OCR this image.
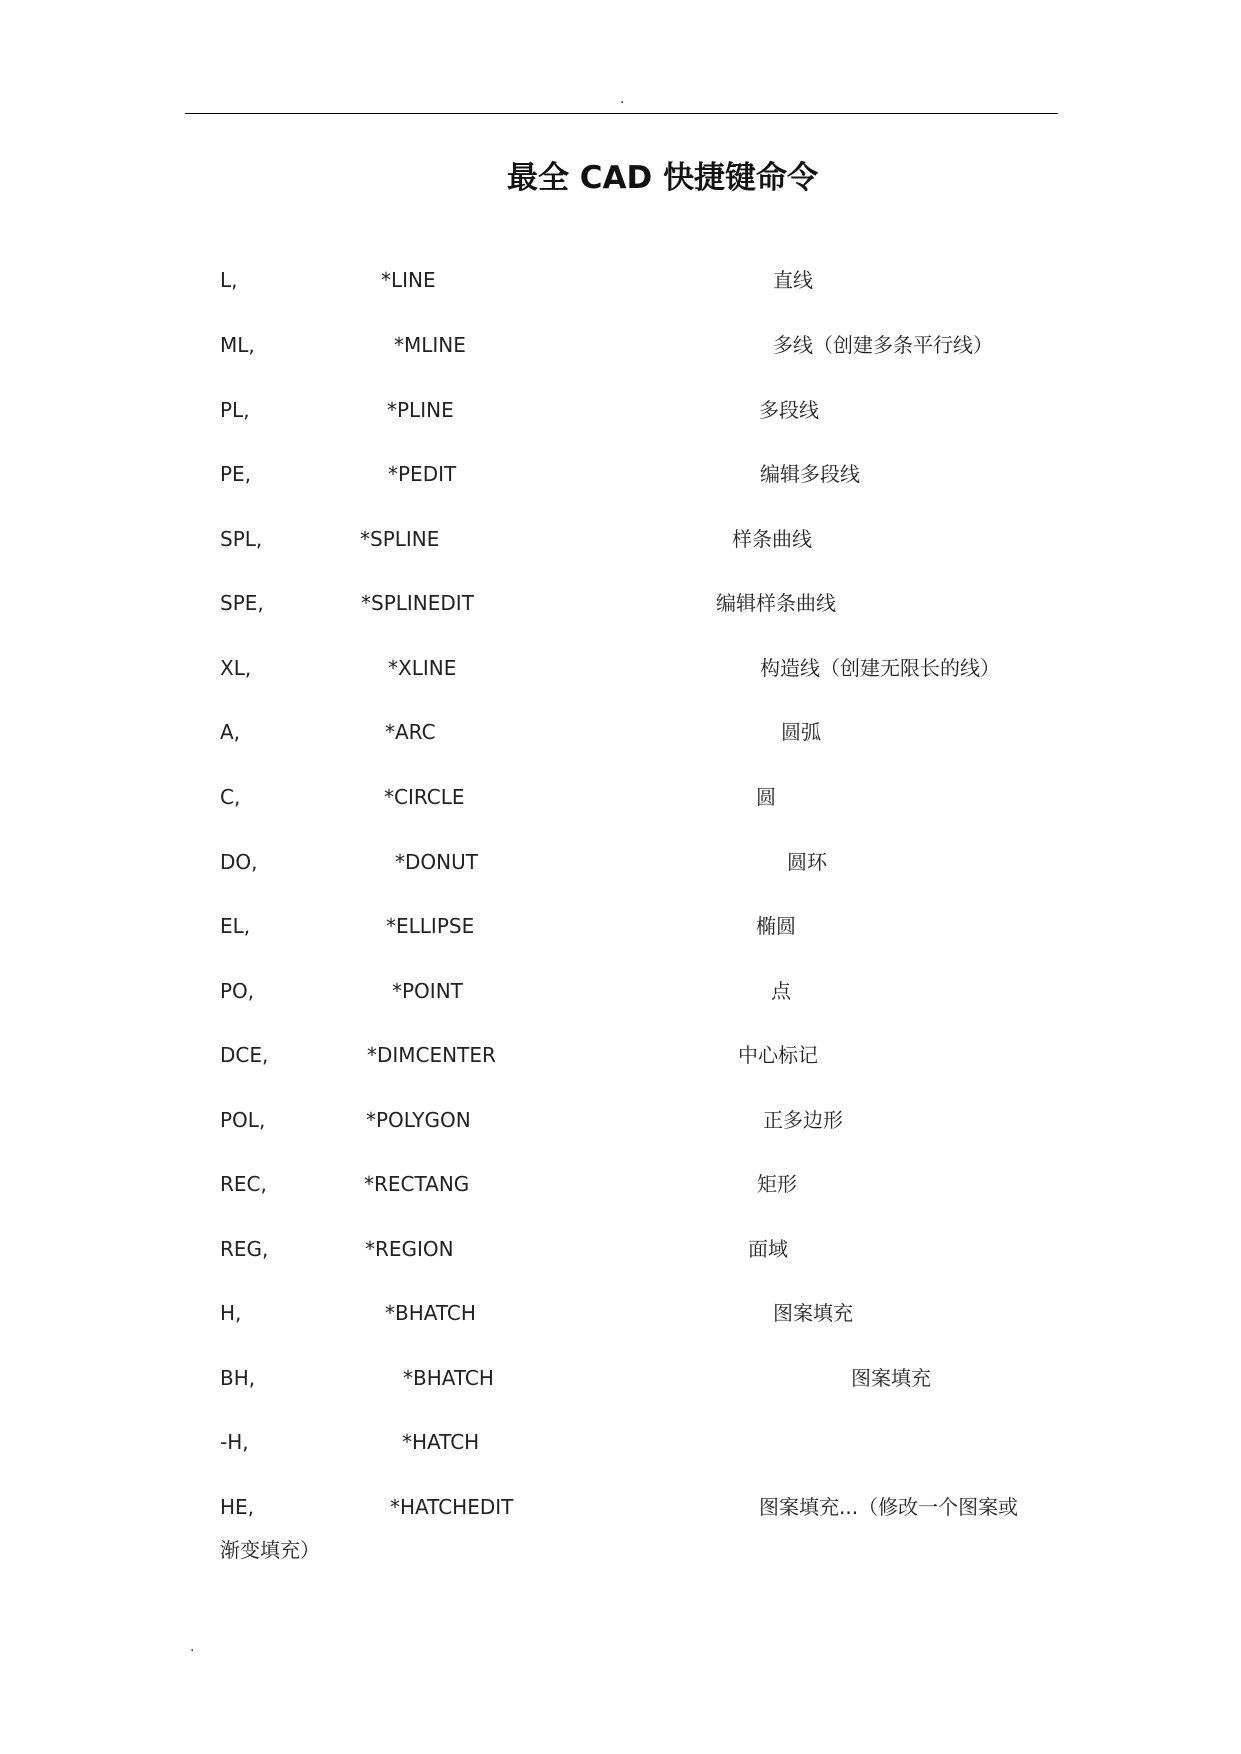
.
最全 CAD 快捷键命令
L,	*LINE	直线
ML,	*MLINE	多线（创建多条平行线）
PL,	*PLINE	多段线
PE,	*PEDIT	编辑多段线
SPL,	*SPLINE	样条曲线
SPE,	*SPLINEDIT	编辑样条曲线
XL,	*XLINE	构造线（创建无限长的线）
A,	*ARC	圆弧
C,	*CIRCLE	圆
DO,	*DONUT	圆环
EL,	*ELLIPSE	椭圆
PO,	*POINT	点
DCE,	*DIMCENTER	中心标记
POL,	*POLYGON	正多边形
REC,	*RECTANG	矩形
REG,	*REGION	面域
H,	*BHATCH	图案填充
BH,	*BHATCH	图案填充
-H,	*HATCH
HE,	*HATCHEDIT	图案填充...（修改一个图案或
渐变填充）
.
